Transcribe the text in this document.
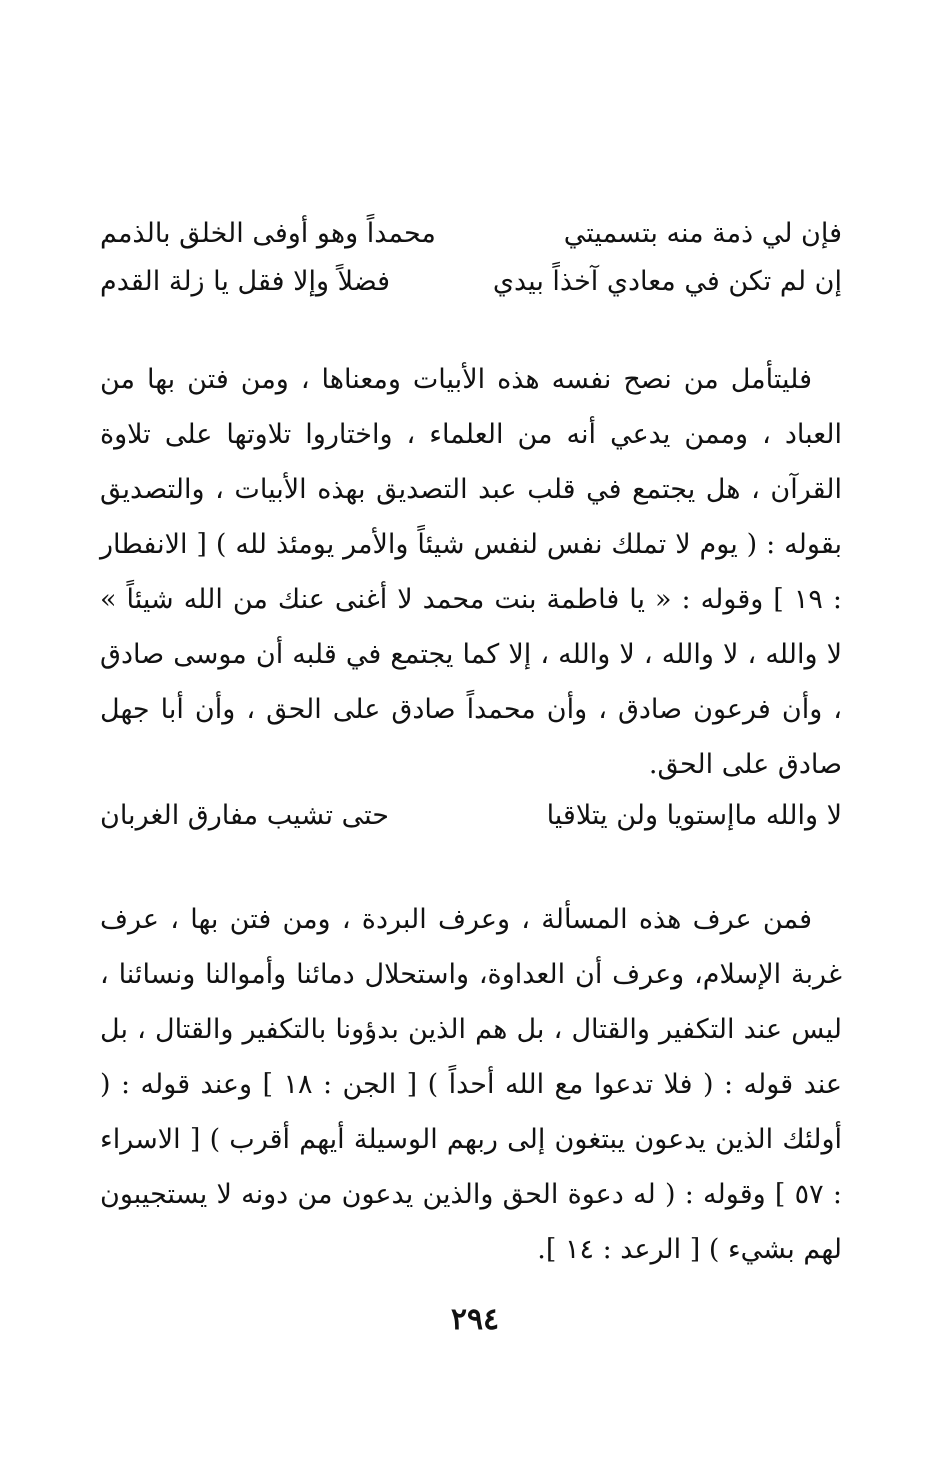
فإن لي ذمة منه بتسميتي
محمداً وهو أوفى الخلق بالذمم
إن لم تكن في معادي آخذاً بيدي
فضلاً وإلا فقل يا زلة القدم

فليتأمل من نصح نفسه هذه الأبيات ومعناها ، ومن فتن بها من العباد ، وممن يدعي أنه من العلماء ، واختاروا تلاوتها على تلاوة القرآن ، هل يجتمع في قلب عبد التصديق بهذه الأبيات ، والتصديق بقوله : ( يوم لا تملك نفس لنفس شيئاً والأمر يومئذ لله ) [ الانفطار : ١٩ ] وقوله : « يا فاطمة بنت محمد لا أغنى عنك من الله شيئاً » لا والله ، لا والله ، لا والله ، إلا كما يجتمع في قلبه أن موسى صادق ، وأن فرعون صادق ، وأن محمداً صادق على الحق ، وأن أبا جهل صادق على الحق.

لا والله ماإستويا ولن يتلاقيا
حتى تشيب مفارق الغربان

فمن عرف هذه المسألة ، وعرف البردة ، ومن فتن بها ، عرف غربة الإسلام، وعرف أن العداوة، واستحلال دمائنا وأموالنا ونسائنا ، ليس عند التكفير والقتال ، بل هم الذين بدؤونا بالتكفير والقتال ، بل عند قوله : ( فلا تدعوا مع الله أحداً ) [ الجن : ١٨ ] وعند قوله : ( أولئك الذين يدعون يبتغون إلى ربهم الوسيلة أيهم أقرب ) [ الاسراء : ٥٧ ] وقوله : ( له دعوة الحق والذين يدعون من دونه لا يستجيبون لهم بشيء ) [ الرعد : ١٤ ].

٢٩٤
